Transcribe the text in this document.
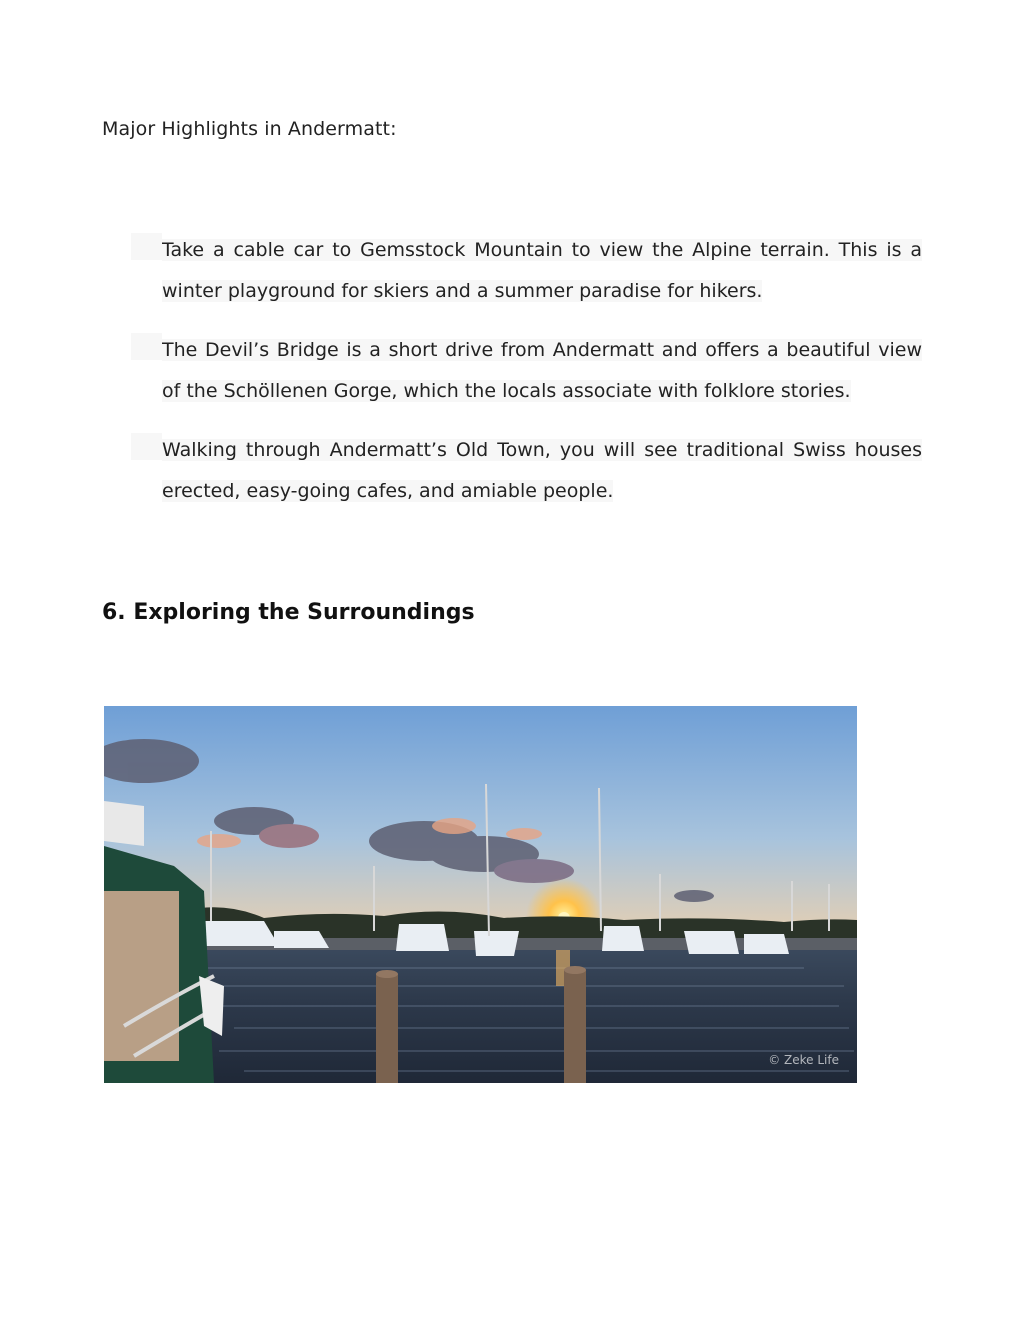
Major Highlights in Andermatt:
Take a cable car to Gemsstock Mountain to view the Alpine terrain. This is a winter playground for skiers and a summer paradise for hikers.
The Devil’s Bridge is a short drive from Andermatt and offers a beautiful view of the Schöllenen Gorge, which the locals associate with folklore stories.
Walking through Andermatt’s Old Town, you will see traditional Swiss houses erected, easy-going cafes, and amiable people.
6. Exploring the Surroundings
© Zeke Life
